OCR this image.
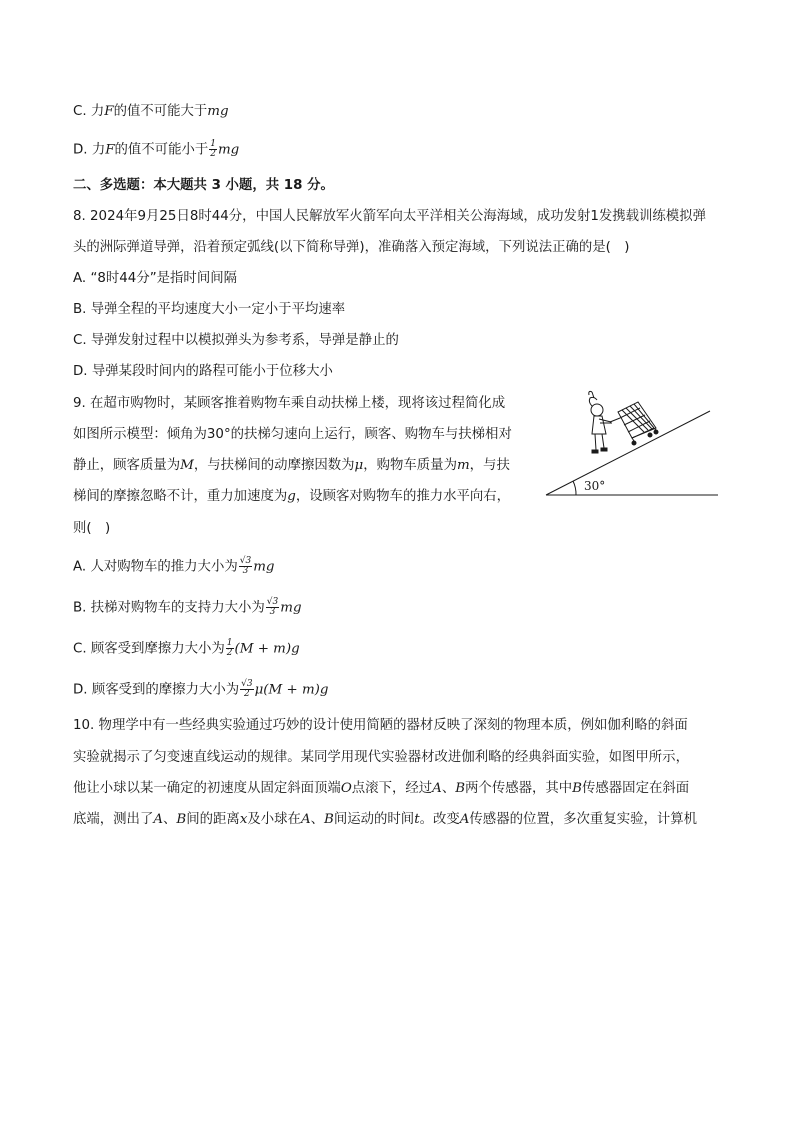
C. 力F的值不可能大于mg
D. 力F的值不可能小于 $\frac{1}{2}$ mg
二、多选题：本大题共 3 小题，共 18 分。
8. 2024年9月25日8时44分，中国人民解放军火箭军向太平洋相关公海海域，成功发射1发携载训练模拟弹
头的洲际弹道导弹，沿着预定弧线(以下简称导弹)，准确落入预定海域，下列说法正确的是(　)
A. “8时44分”是指时间间隔
B. 导弹全程的平均速度大小一定小于平均速率
C. 导弹发射过程中以模拟弹头为参考系，导弹是静止的
D. 导弹某段时间内的路程可能小于位移大小
9. 在超市购物时，某顾客推着购物车乘自动扶梯上楼，现将该过程简化成
如图所示模型：倾角为30°的扶梯匀速向上运行，顾客、购物车与扶梯相对
静止，顾客质量为M，与扶梯间的动摩擦因数为μ，购物车质量为m，与扶
梯间的摩擦忽略不计，重力加速度为g，设顾客对购物车的推力水平向右，
则(　)
30°
A. 人对购物车的推力大小为 $\frac{√3}{3}$ mg
B. 扶梯对购物车的支持力大小为 $\frac{√3}{3}$ mg
C. 顾客受到摩擦力大小为 $\frac{1}{2} (M + m)g$
D. 顾客受到的摩擦力大小为 $\frac{√3}{2} \mu(M + m)g$
10. 物理学中有一些经典实验通过巧妙的设计使用简陋的器材反映了深刻的物理本质，例如伽利略的斜面
实验就揭示了匀变速直线运动的规律。某同学用现代实验器材改进伽利略的经典斜面实验，如图甲所示，
他让小球以某一确定的初速度从固定斜面顶端O点滚下，经过A、B两个传感器，其中B传感器固定在斜面
底端，测出了A、B间的距离x及小球在A、B间运动的时间t。改变A传感器的位置，多次重复实验，计算机
